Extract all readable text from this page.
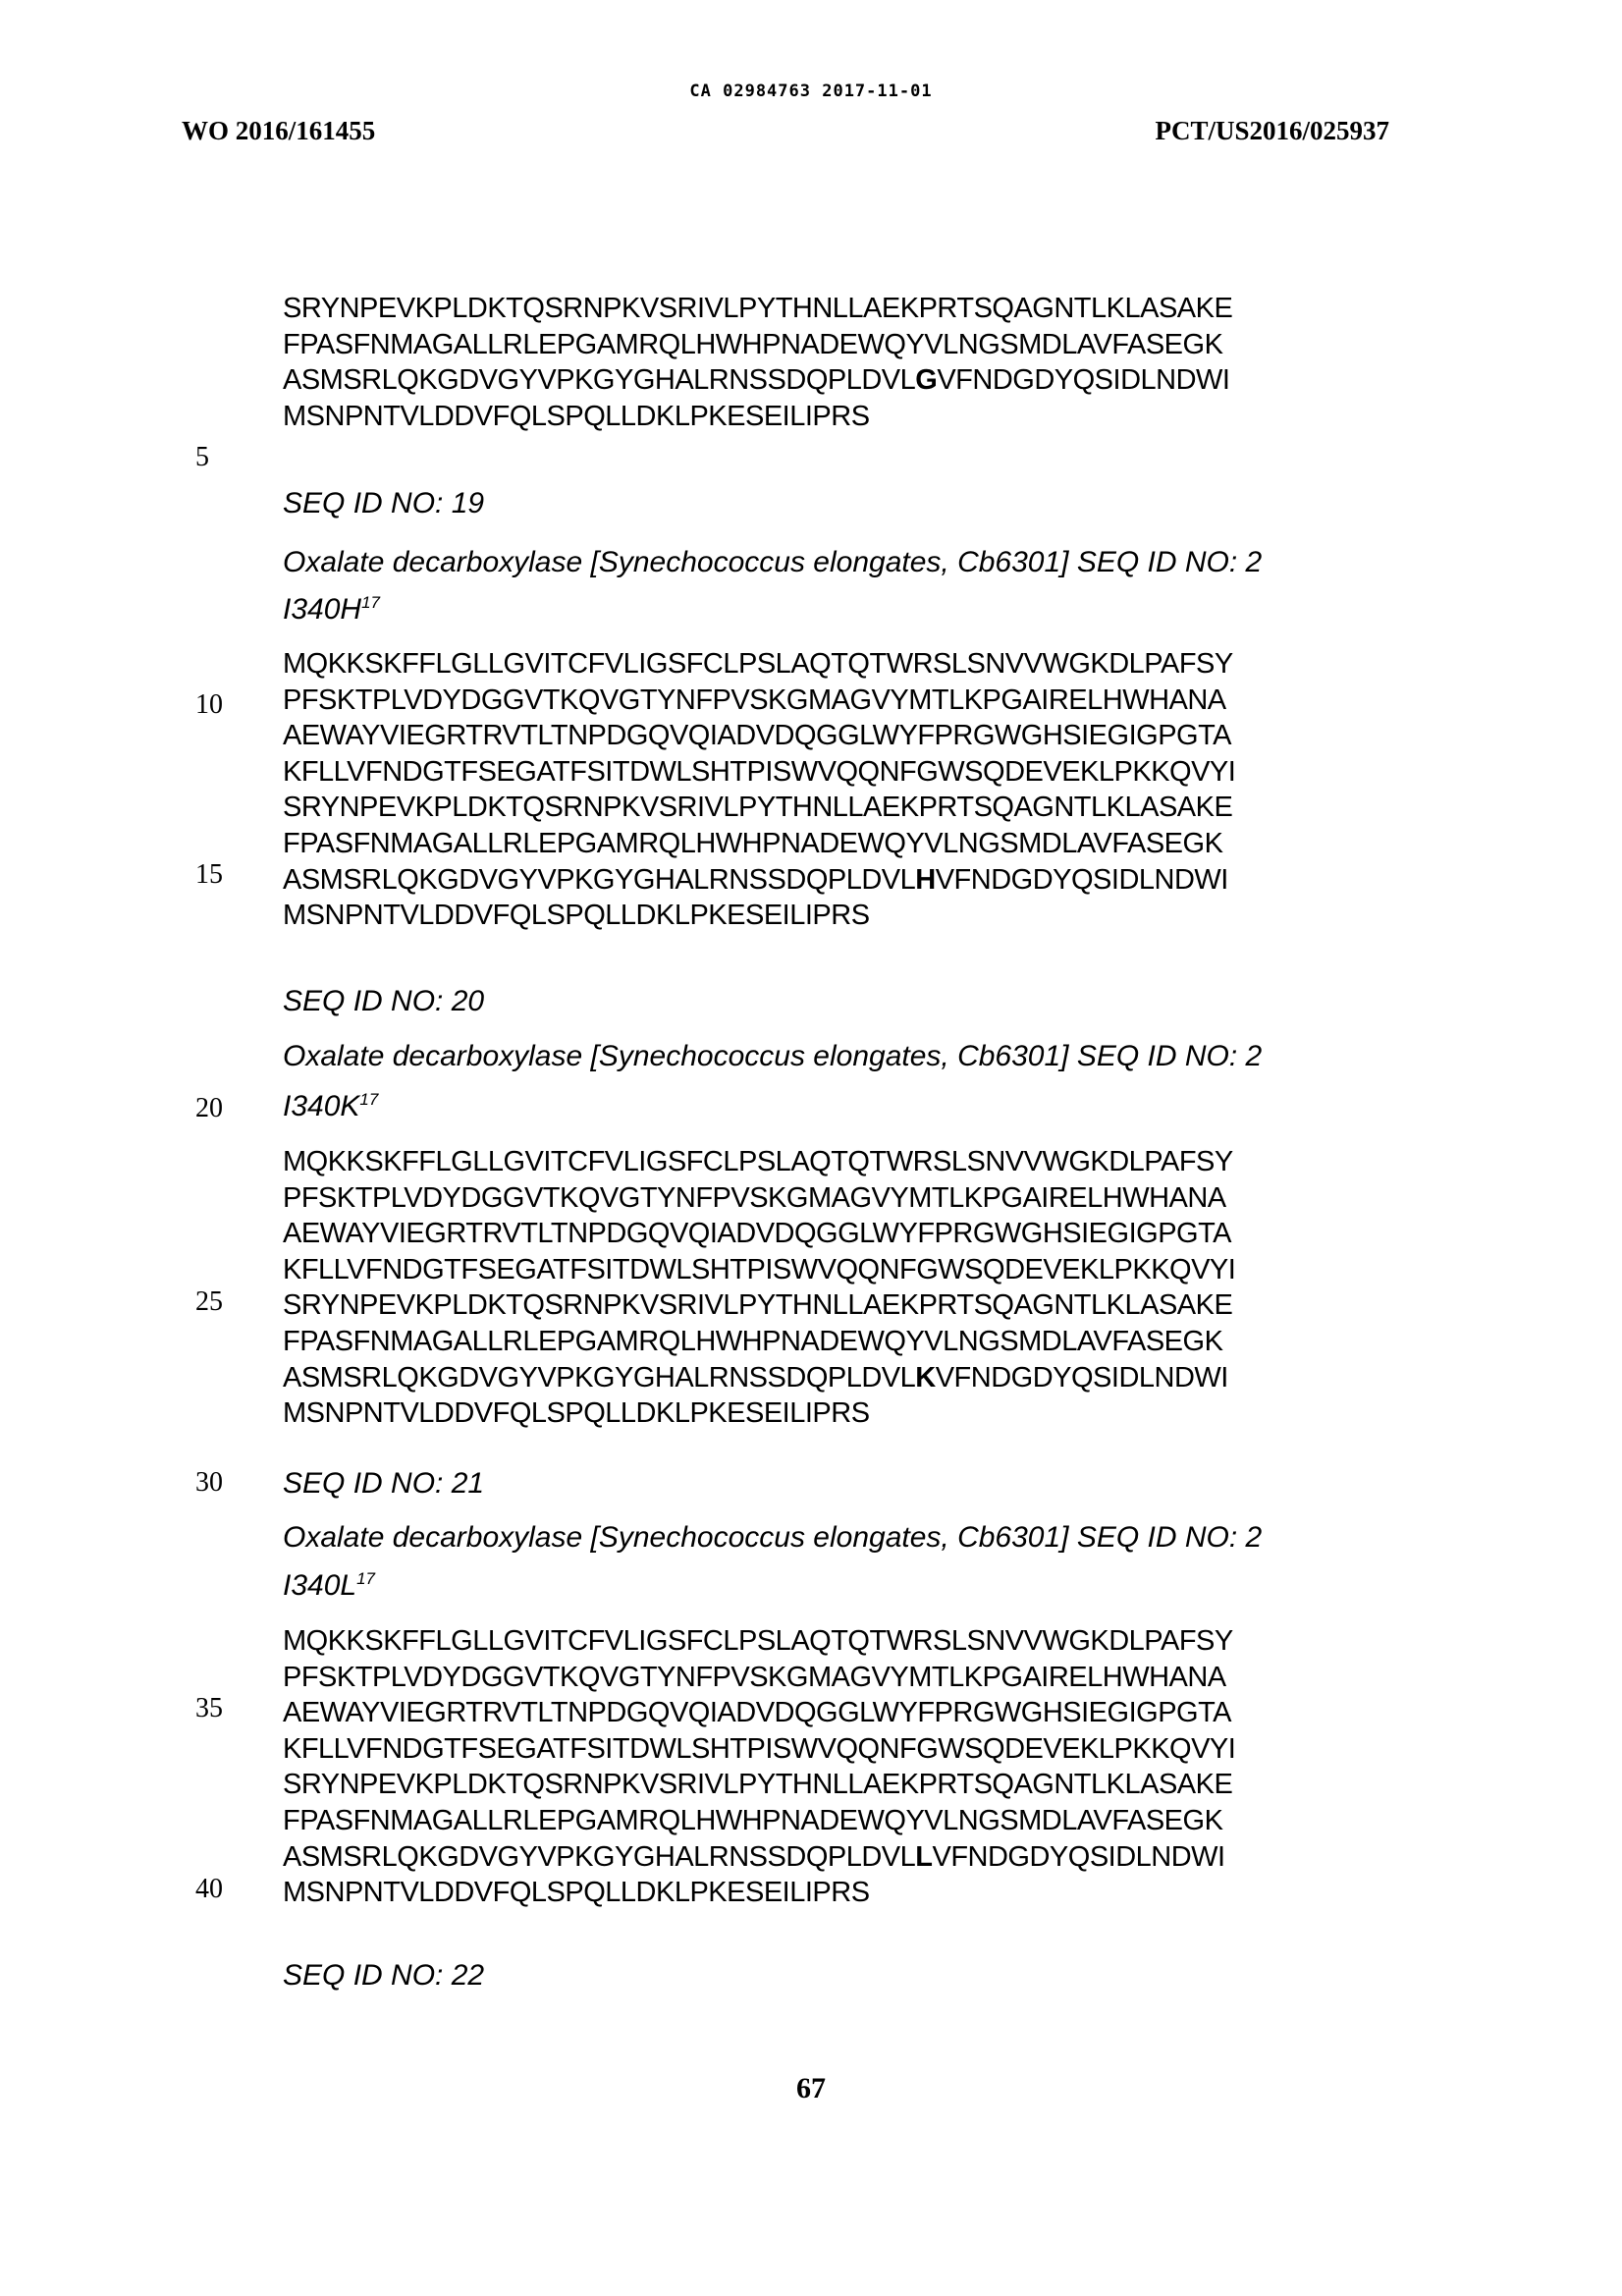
CA 02984763 2017-11-01
WO 2016/161455	PCT/US2016/025937
SRYNPEVKPLDKTQSRNPKVSRIVLPYTHNLLAEKPRTSQAGNTLKLASAKE
FPASFNMAGALLRLEPGAMRQLHWHPNADEWQYVLNGSMDLAVFASEGK
ASMSRLQKGDVGYVPKGYGHALRNSSDQPLDVLGVFNDGDYQSIDLNDWI
MSNPNTVLDDVFQLSPQLLDKLPKESEILIPRS
5
SEQ ID NO: 19
Oxalate decarboxylase [Synechococcus elongates, Cb6301] SEQ ID NO: 2
$I340H^{17}$
MQKKSKFFLGLLGVITCFVLIGSFCLPSLAQTQTWRSLSNVVWGKDLPAFSY
PFSKTPLVDYDGGVTKQVGTYNFPVSKGMAGVYMTLKPGAIRELHWHANA
AEWAYVIEGRTRVTLTNPDGQVQIADVDQGGLWYFPRGWGHSIEGIGPGTA
KFLLVFNDGTFSEGATFSITDWLSHTPISWVQQNFGWSQDEVEKLPKKQVYI
SRYNPEVKPLDKTQSRNPKVSRIVLPYTHNLLAEKPRTSQAGNTLKLASAKE
FPASFNMAGALLRLEPGAMRQLHWHPNADEWQYVLNGSMDLAVFASEGK
ASMSRLQKGDVGYVPKGYGHALRNSSDQPLDVLHVFNDGDYQSIDLNDWI
MSNPNTVLDDVFQLSPQLLDKLPKESEILIPRS
10
15
SEQ ID NO: 20
Oxalate decarboxylase [Synechococcus elongates, Cb6301] SEQ ID NO: 2
$I340K^{17}$
20
MQKKSKFFLGLLGVITCFVLIGSFCLPSLAQTQTWRSLSNVVWGKDLPAFSY
PFSKTPLVDYDGGVTKQVGTYNFPVSKGMAGVYMTLKPGAIRELHWHANA
AEWAYVIEGRTRVTLTNPDGQVQIADVDQGGLWYFPRGWGHSIEGIGPGTA
KFLLVFNDGTFSEGATFSITDWLSHTPISWVQQNFGWSQDEVEKLPKKQVYI
SRYNPEVKPLDKTQSRNPKVSRIVLPYTHNLLAEKPRTSQAGNTLKLASAKE
FPASFNMAGALLRLEPGAMRQLHWHPNADEWQYVLNGSMDLAVFASEGK
ASMSRLQKGDVGYVPKGYGHALRNSSDQPLDVLKVFNDGDYQSIDLNDWI
MSNPNTVLDDVFQLSPQLLDKLPKESEILIPRS
25
30 SEQ ID NO: 21
Oxalate decarboxylase [Synechococcus elongates, Cb6301] SEQ ID NO: 2
$I340L^{17}$
MQKKSKFFLGLLGVITCFVLIGSFCLPSLAQTQTWRSLSNVVWGKDLPAFSY
PFSKTPLVDYDGGVTKQVGTYNFPVSKGMAGVYMTLKPGAIRELHWHANA
AEWAYVIEGRTRVTLTNPDGQVQIADVDQGGLWYFPRGWGHSIEGIGPGTA
KFLLVFNDGTFSEGATFSITDWLSHTPISWVQQNFGWSQDEVEKLPKKQVYI
SRYNPEVKPLDKTQSRNPKVSRIVLPYTHNLLAEKPRTSQAGNTLKLASAKE
FPASFNMAGALLRLEPGAMRQLHWHPNADEWQYVLNGSMDLAVFASEGK
ASMSRLQKGDVGYVPKGYGHALRNSSDQPLDVLLVFNDGDYQSIDLNDWI
MSNPNTVLDDVFQLSPQLLDKLPKESEILIPRS
35
40
SEQ ID NO: 22
67
